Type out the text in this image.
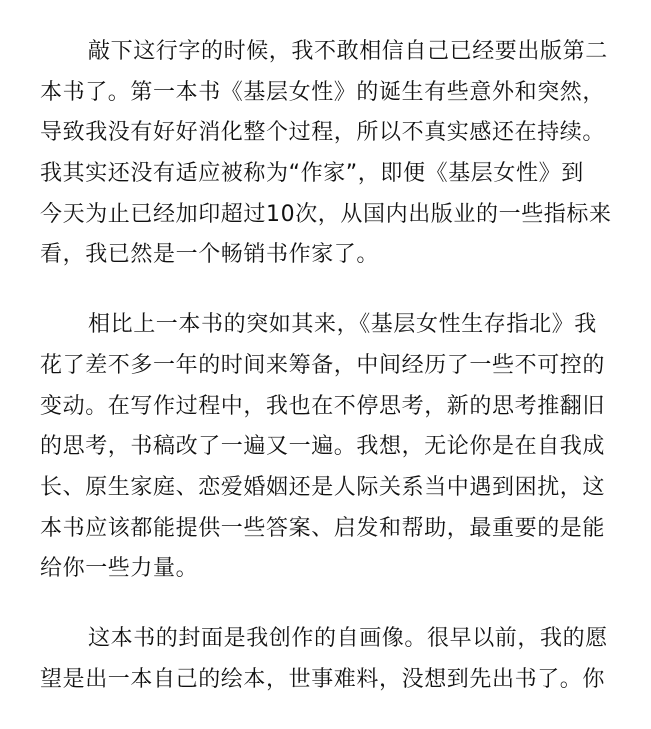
敲下这行字的时候，我不敢相信自己已经要出版第二
本书了。第一本书《基层女性》的诞生有些意外和突然，
导致我没有好好消化整个过程，所以不真实感还在持续。
我其实还没有适应被称为“作家”，即便《基层女性》到
今天为止已经加印超过10次，从国内出版业的一些指标来
看，我已然是一个畅销书作家了。

相比上一本书的突如其来，《基层女性生存指北》我
花了差不多一年的时间来筹备，中间经历了一些不可控的
变动。在写作过程中，我也在不停思考，新的思考推翻旧
的思考，书稿改了一遍又一遍。我想，无论你是在自我成
长、原生家庭、恋爱婚姻还是人际关系当中遇到困扰，这
本书应该都能提供一些答案、启发和帮助，最重要的是能
给你一些力量。

这本书的封面是我创作的自画像。很早以前，我的愿
望是出一本自己的绘本，世事难料，没想到先出书了。你
